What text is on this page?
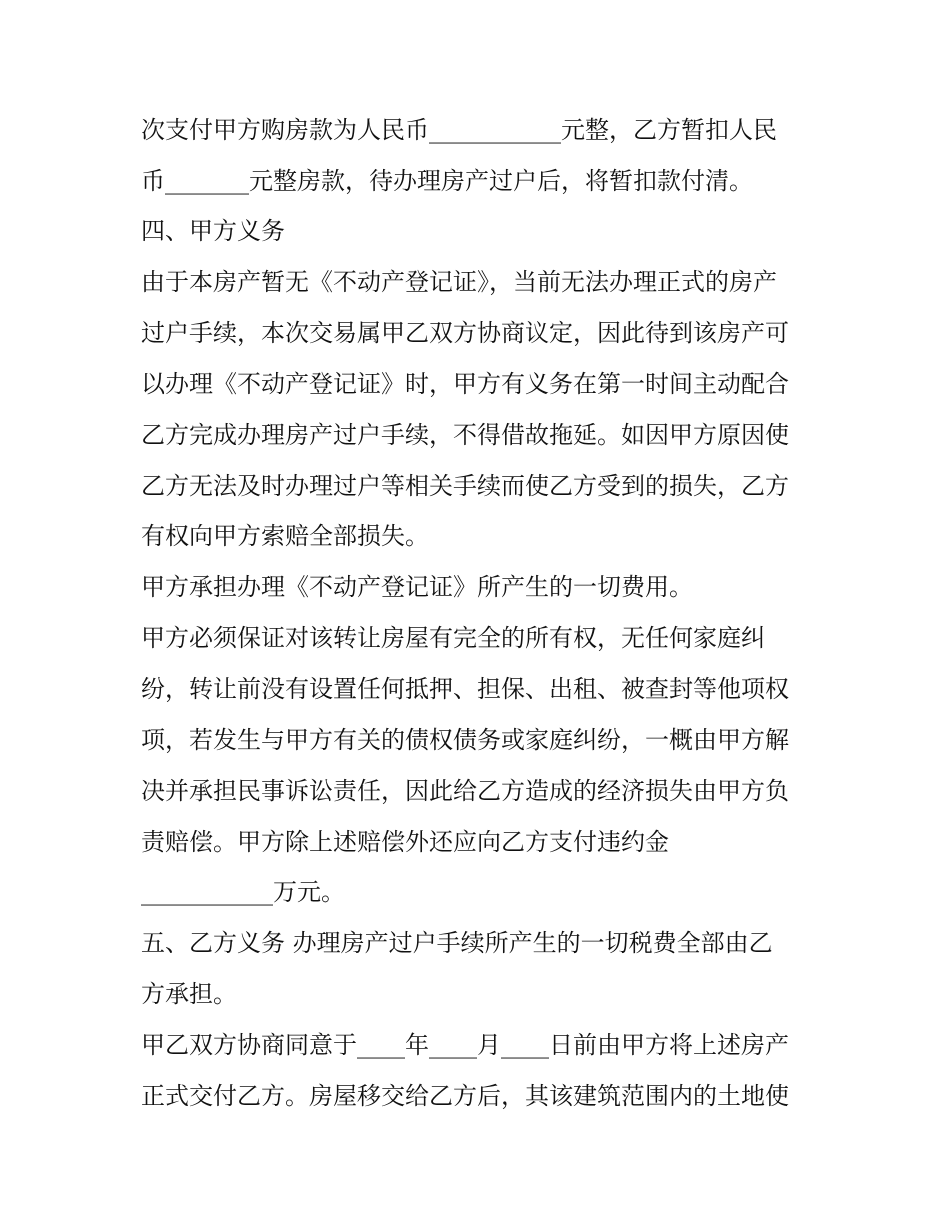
次支付甲方购房款为人民币___________元整，乙方暂扣人民
币_______元整房款，待办理房产过户后，将暂扣款付清。
四、甲方义务
由于本房产暂无《不动产登记证》，当前无法办理正式的房产
过户手续，本次交易属甲乙双方协商议定，因此待到该房产可
以办理《不动产登记证》时，甲方有义务在第一时间主动配合
乙方完成办理房产过户手续，不得借故拖延。如因甲方原因使
乙方无法及时办理过户等相关手续而使乙方受到的损失，乙方
有权向甲方索赔全部损失。
甲方承担办理《不动产登记证》所产生的一切费用。
甲方必须保证对该转让房屋有完全的所有权，无任何家庭纠
纷，转让前没有设置任何抵押、担保、出租、被查封等他项权
项，若发生与甲方有关的债权债务或家庭纠纷，一概由甲方解
决并承担民事诉讼责任，因此给乙方造成的经济损失由甲方负
责赔偿。甲方除上述赔偿外还应向乙方支付违约金
___________万元。
五、乙方义务 办理房产过户手续所产生的一切税费全部由乙
方承担。
甲乙双方协商同意于____年____月____日前由甲方将上述房产
正式交付乙方。房屋移交给乙方后，其该建筑范围内的土地使
